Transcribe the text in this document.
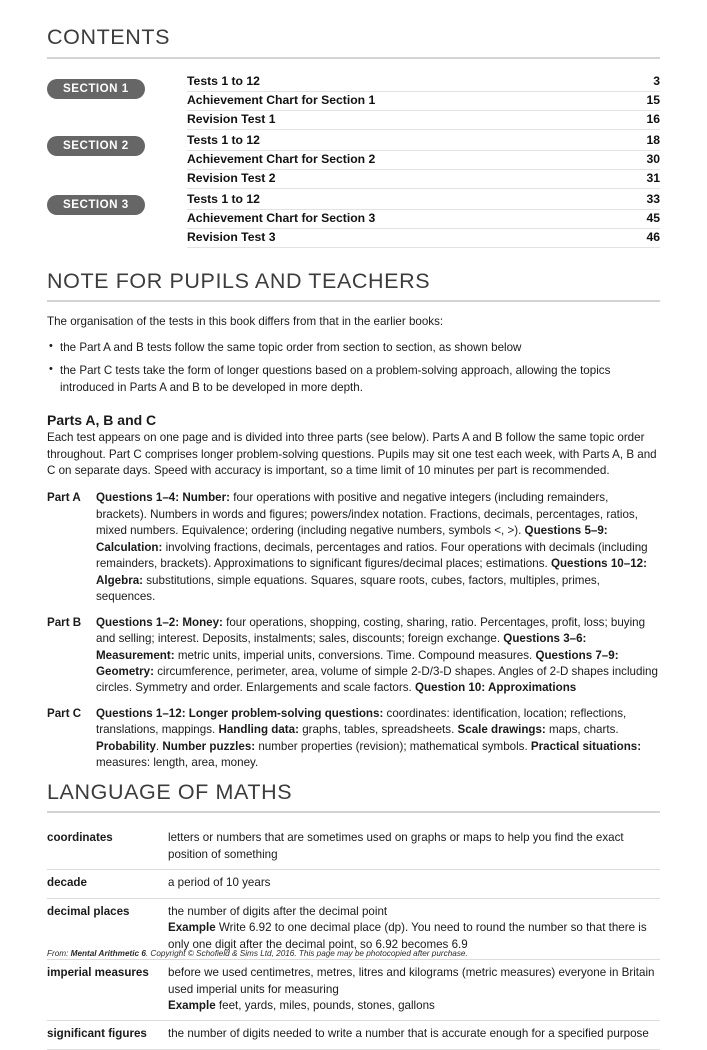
CONTENTS
SECTION 1
Tests 1 to 12	3
Achievement Chart for Section 1	15
Revision Test 1	16
SECTION 2	Tests 1 to 12	18
Achievement Chart for Section 2	30
Revision Test 2	31
SECTION 3	Tests 1 to 12	33
Achievement Chart for Section 3	45
Revision Test 3	46
NOTE FOR PUPILS AND TEACHERS

The organisation of the tests in this book differs from that in the earlier books:

• the Part A and B tests follow the same topic order from section to section, as shown below
• the Part C tests take the form of longer questions based on a problem-solving approach, allowing the topics introduced in Parts A and B to be developed in more depth.
Parts A, B and C

Each test appears on one page and is divided into three parts (see below). Parts A and B follow the same topic order throughout. Part C comprises longer problem-solving questions. Pupils may sit one test each week, with Parts A, B and C on separate days. Speed with accuracy is important, so a time limit of 10 minutes per part is recommended.

Part A	Questions 1–4: Number: four operations with positive and negative integers (including remainders, brackets). Numbers in words and figures; powers/index notation. Fractions, decimals, percentages, ratios, mixed numbers. Equivalence; ordering (including negative numbers, symbols <, >). Questions 5–9: Calculation: involving fractions, decimals, percentages and ratios. Four operations with decimals (including remainders, brackets). Approximations to significant figures/decimal places; estimations. Questions 10–12: Algebra: substitutions, simple equations. Squares, square roots, cubes, factors, multiples, primes, sequences.
Part B	Questions 1–2: Money: four operations, shopping, costing, sharing, ratio. Percentages, profit, loss; buying and selling; interest. Deposits, instalments; sales, discounts; foreign exchange. Questions 3–6: Measurement: metric units, imperial units, conversions. Time. Compound measures. Questions 7–9: Geometry: circumference, perimeter, area, volume of simple 2-D/3-D shapes. Angles of 2-D shapes including circles. Symmetry and order. Enlargements and scale factors. Question 10: Approximations
Part C	Questions 1–12: Longer problem-solving questions: coordinates: identification, location; reflections, translations, mappings. Handling data: graphs, tables, spreadsheets. Scale drawings: maps, charts. Probability. Number puzzles: number properties (revision); mathematical symbols. Practical situations: measures: length, area, money.
LANGUAGE OF MATHS
coordinates	letters or numbers that are sometimes used on graphs or maps to help you find the exact position of something
decade	a period of 10 years
decimal places	the number of digits after the decimal point
Example Write 6.92 to one decimal place (dp). You need to round the number so that there is only one digit after the decimal point, so 6.92 becomes 6.9
imperial measures	before we used centimetres, metres, litres and kilograms (metric measures) everyone in Britain used imperial units for measuring
Example feet, yards, miles, pounds, stones, gallons
significant figures	the number of digits needed to write a number that is accurate enough for a specified purpose
From: Mental Arithmetic 6. Copyright © Schofield & Sims Ltd, 2016. This page may be photocopied after purchase.
